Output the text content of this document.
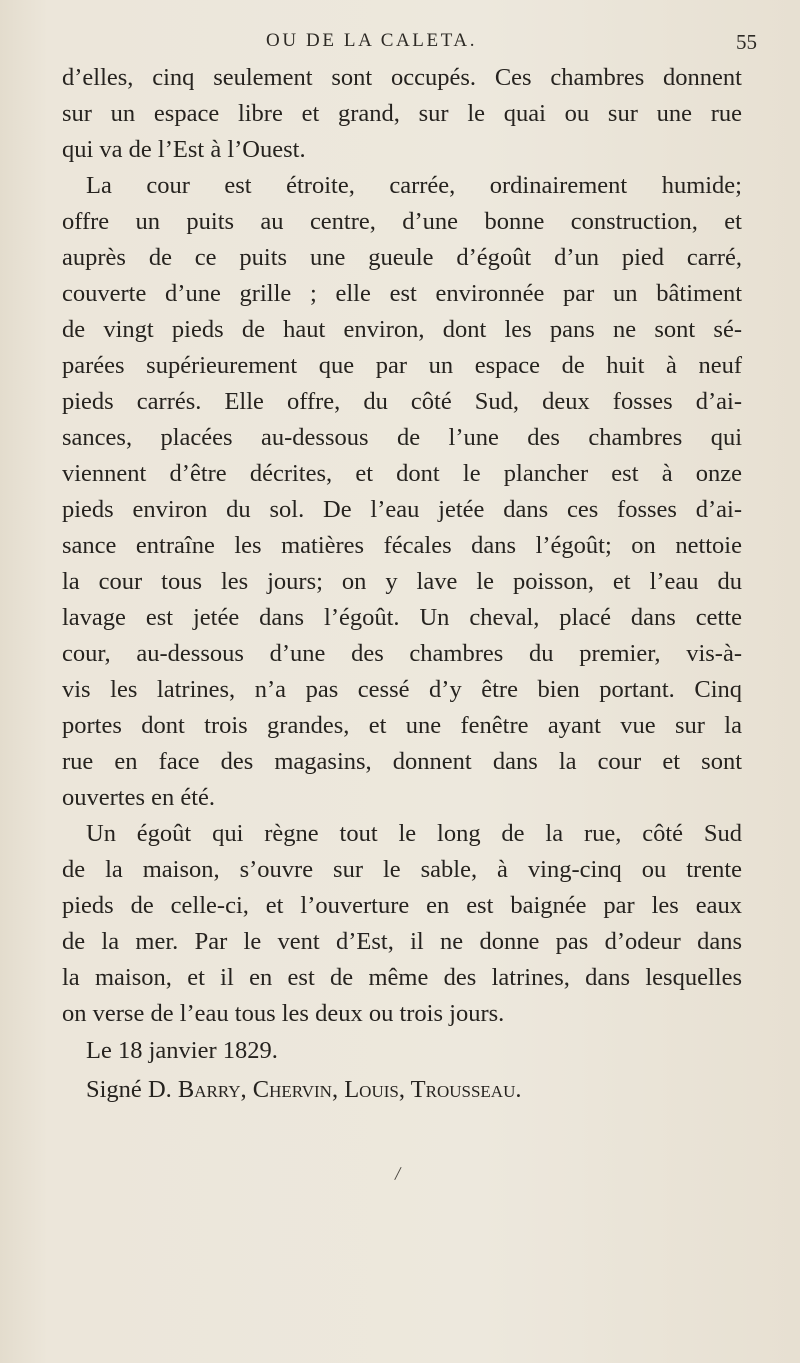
OU DE LA CALETA.	55
d’elles, cinq seulement sont occupés. Ces chambres donnent
sur un espace libre et grand, sur le quai ou sur une rue
qui va de l’Est à l’Ouest.
La cour est étroite, carrée, ordinairement humide;
offre un puits au centre, d’une bonne construction, et
auprès de ce puits une gueule d’égoût d’un pied carré,
couverte d’une grille ; elle est environnée par un bâtiment
de vingt pieds de haut environ, dont les pans ne sont sé-
parées supérieurement que par un espace de huit à neuf
pieds carrés. Elle offre, du côté Sud, deux fosses d’ai-
sances, placées au-dessous de l’une des chambres qui
viennent d’être décrites, et dont le plancher est à onze
pieds environ du sol. De l’eau jetée dans ces fosses d’ai-
sance entraîne les matières fécales dans l’égoût; on nettoie
la cour tous les jours; on y lave le poisson, et l’eau du
lavage est jetée dans l’égoût. Un cheval, placé dans cette
cour, au-dessous d’une des chambres du premier, vis-à-
vis les latrines, n’a pas cessé d’y être bien portant. Cinq
portes dont trois grandes, et une fenêtre ayant vue sur la
rue en face des magasins, donnent dans la cour et sont
ouvertes en été.
Un égoût qui règne tout le long de la rue, côté Sud
de la maison, s’ouvre sur le sable, à ving-cinq ou trente
pieds de celle-ci, et l’ouverture en est baignée par les eaux
de la mer. Par le vent d’Est, il ne donne pas d’odeur dans
la maison, et il en est de même des latrines, dans lesquelles
on verse de l’eau tous les deux ou trois jours.
Le 18 janvier 1829.
Signé D. Barry, Chervin, Louis, Trousseau.
/
